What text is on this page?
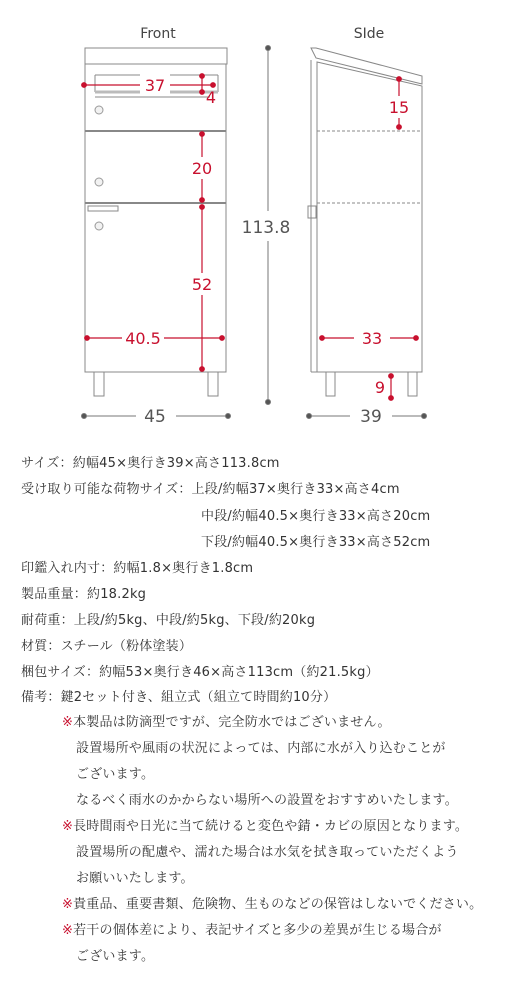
Front	SIde
37
4
20
52
40.5
113.8
45
15
33
9
39
サイズ：約幅45×奥行き39×高さ113.8cm
受け取り可能な荷物サイズ：上段/約幅37×奥行き33×高さ4cm
中段/約幅40.5×奥行き33×高さ20cm
下段/約幅40.5×奥行き33×高さ52cm
印鑑入れ内寸：約幅1.8×奥行き1.8cm
製品重量：約18.2kg
耐荷重：上段/約5kg、中段/約5kg、下段/約20kg
材質：スチール（粉体塗装）
梱包サイズ：約幅53×奥行き46×高さ113cm（約21.5kg）
備考：鍵2セット付き、組立式（組立て時間約10分）
※本製品は防滴型ですが、完全防水ではございません。
設置場所や風雨の状況によっては、内部に水が入り込むことが
ございます。
なるべく雨水のかからない場所への設置をおすすめいたします。
※長時間雨や日光に当て続けると変色や錆・カビの原因となります。
設置場所の配慮や、濡れた場合は水気を拭き取っていただくよう
お願いいたします。
※貴重品、重要書類、危険物、生ものなどの保管はしないでください。
※若干の個体差により、表記サイズと多少の差異が生じる場合が
ございます。
